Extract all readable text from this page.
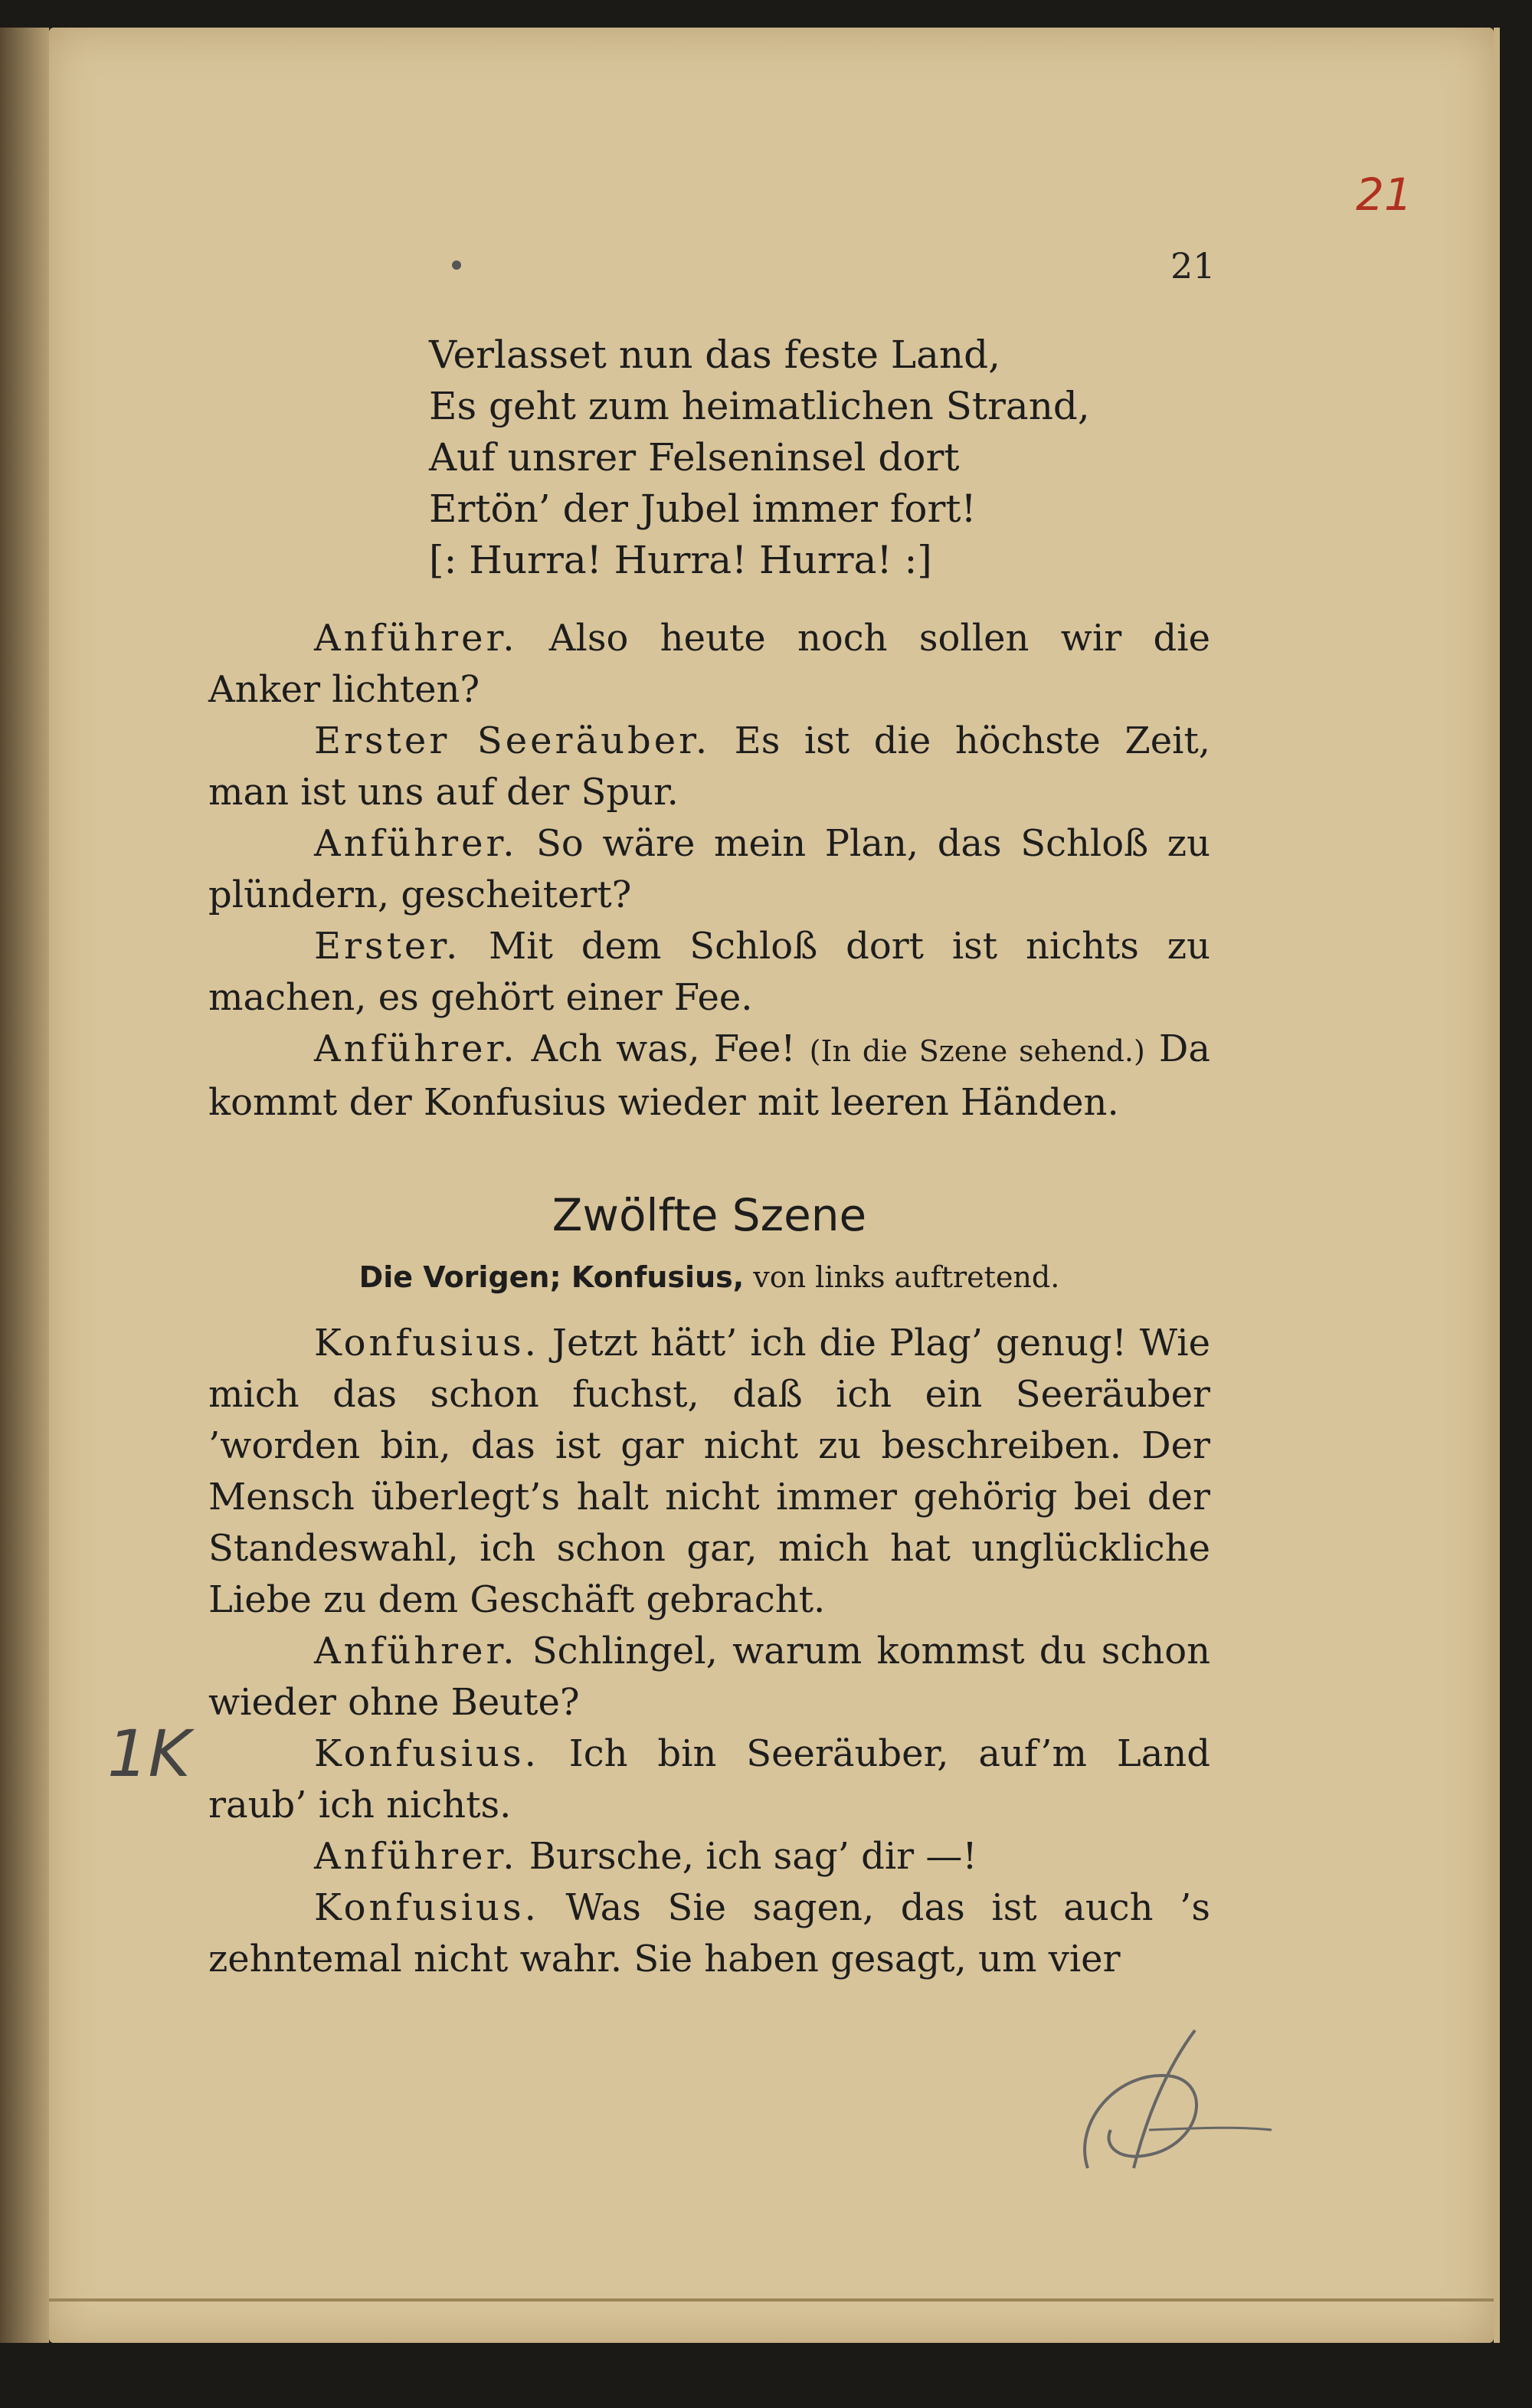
21
21
Verlasset nun das feste Land,
Es geht zum heimatlichen Strand,
Auf unsrer Felseninsel dort
Ertön’ der Jubel immer fort!
[: Hurra! Hurra! Hurra! :]

Anführer. Also heute noch sollen wir die Anker lichten?

Erster Seeräuber. Es ist die höchste Zeit, man ist uns auf der Spur.

Anführer. So wäre mein Plan, das Schloß zu plündern, gescheitert?

Erster. Mit dem Schloß dort ist nichts zu machen, es gehört einer Fee.

Anführer. Ach was, Fee! (In die Szene sehend.) Da kommt der Konfusius wieder mit leeren Händen.

Zwölfte Szene
Die Vorigen; Konfusius, von links auftretend.

Konfusius. Jetzt hätt’ ich die Plag’ genug! Wie mich das schon fuchst, daß ich ein Seeräuber ’worden bin, das ist gar nicht zu beschreiben. Der Mensch überlegt’s halt nicht immer gehörig bei der Standeswahl, ich schon gar, mich hat unglückliche Liebe zu dem Geschäft gebracht.

Anführer. Schlingel, warum kommst du schon wieder ohne Beute?

Konfusius. Ich bin Seeräuber, auf’m Land raub’ ich nichts.

Anführer. Bursche, ich sag’ dir —!

Konfusius. Was Sie sagen, das ist auch ’s zehntemal nicht wahr. Sie haben gesagt, um vier

1K
